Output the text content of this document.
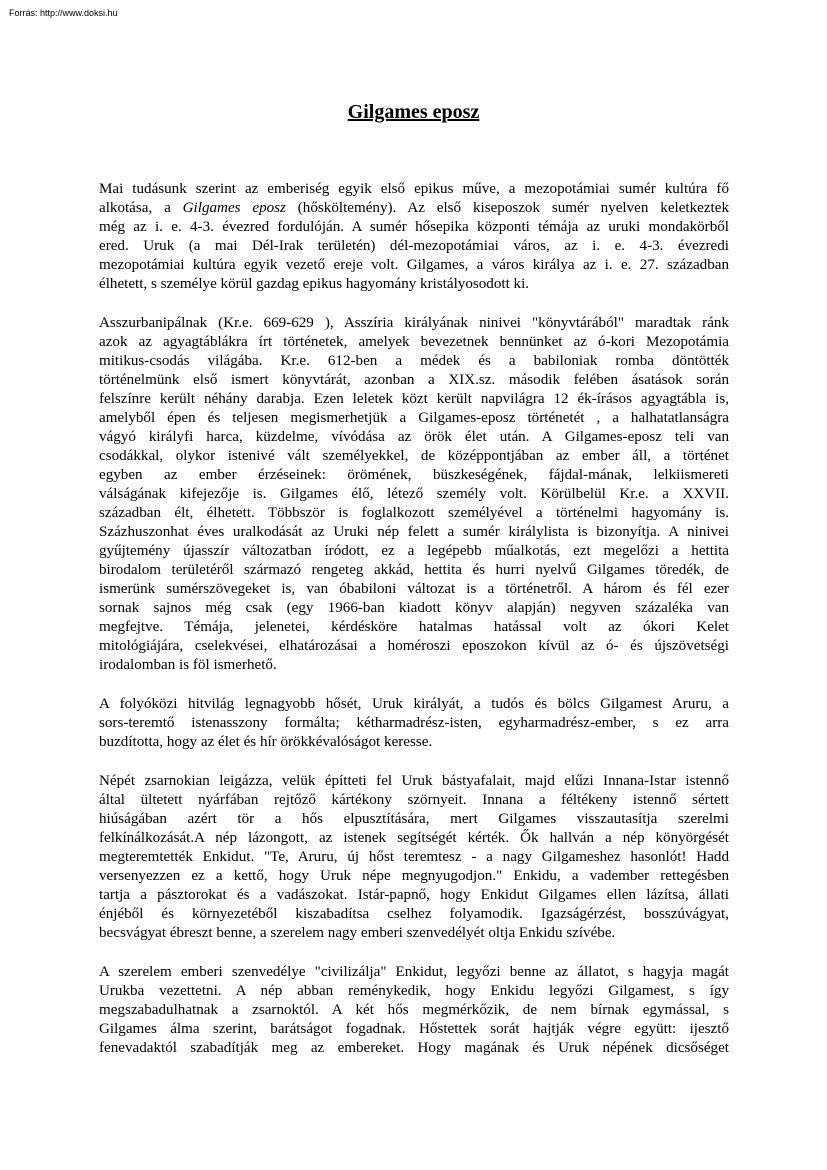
Forrás: http://www.doksi.hu
Gilgames eposz

Mai tudásunk szerint az emberiség egyik első epikus műve, a mezopotámiai sumér kultúra fő
alkotása, a Gilgames eposz (hősköltemény). Az első kiseposzok sumér nyelven keletkeztek
még az i. e. 4-3. évezred fordulóján. A sumér hősepika központi témája az uruki mondakörből
ered. Uruk (a mai Dél-Irak területén) dél-mezopotámiai város, az i. e. 4-3. évezredi
mezopotámiai kultúra egyik vezető ereje volt. Gilgames, a város királya az i. e. 27. században
élhetett, s személye körül gazdag epikus hagyomány kristályosodott ki.

Asszurbanipálnak (Kr.e. 669-629 ), Asszíria királyának ninivei "könyvtárából" maradtak ránk
azok az agyagtáblákra írt történetek, amelyek bevezetnek bennünket az ó-kori Mezopotámia
mitikus-csodás világába. Kr.e. 612-ben a médek és a babiloniak romba döntötték
történelmünk első ismert könyvtárát, azonban a XIX.sz. második felében ásatások során
felszínre került néhány darabja. Ezen leletek közt került napvilágra 12 ék-írásos agyagtábla is,
amelyből épen és teljesen megismerhetjük a Gilgames-eposz történetét , a halhatatlanságra
vágyó királyfi harca, küzdelme, vívódása az örök élet után. A Gilgames-eposz teli van
csodákkal, olykor istenivé vált személyekkel, de középpontjában az ember áll, a történet
egyben az ember érzéseinek: örömének, büszkeségének, fájdal-mának, lelkiismereti
válságának kifejezője is. Gilgames élő, létező személy volt. Körülbelül Kr.e. a XXVII.
században élt, élhetett. Többször is foglalkozott személyével a történelmi hagyomány is.
Százhuszonhat éves uralkodását az Uruki nép felett a sumér királylista is bizonyítja. A ninivei
gyűjtemény újasszír változatban íródott, ez a legépebb műalkotás, ezt megelőzi a hettita
birodalom területéről származó rengeteg akkád, hettita és hurri nyelvű Gilgames töredék, de
ismerünk sumérszövegeket is, van óbabiloni változat is a történetről. A három és fél ezer
sornak sajnos még csak (egy 1966-ban kiadott könyv alapján) negyven százaléka van
megfejtve. Témája, jelenetei, kérdésköre hatalmas hatással volt az ókori Kelet
mitológiájára, cselekvései, elhatározásai a homéroszi eposzokon kívül az ó- és újszövetségi
irodalomban is föl ismerhető.

A folyóközi hitvilág legnagyobb hősét, Uruk királyát, a tudós és bölcs Gilgamest Aruru, a
sors-teremtő istenasszony formálta; kétharmadrész-isten, egyharmadrész-ember, s ez arra
buzdította, hogy az élet és hír örökkévalóságot keresse.

Népét zsarnokian leigázza, velük építteti fel Uruk bástyafalait, majd elűzi Innana-Istar istennő
által ültetett nyárfában rejtőző kártékony szörnyeit. Innana a féltékeny istennő sértett
hiúságában azért tör a hős elpusztítására, mert Gilgames visszautasítja szerelmi
felkínálkozását.A nép lázongott, az istenek segítségét kérték. Ők hallván a nép könyörgését
megteremtették Enkidut. "Te, Aruru, új hőst teremtesz - a nagy Gilgameshez hasonlót! Hadd
versenyezzen ez a kettő, hogy Uruk népe megnyugodjon." Enkidu, a vadember rettegésben
tartja a pásztorokat és a vadászokat. Istár-papnő, hogy Enkidut Gilgames ellen lázítsa, állati
énjéből és környezetéből kiszabadítsa cselhez folyamodik. Igazságérzést, bosszúvágyat,
becsvágyat ébreszt benne, a szerelem nagy emberi szenvedélyét oltja Enkidu szívébe.

A szerelem emberi szenvedélye "civilizálja" Enkidut, legyőzi benne az állatot, s hagyja magát
Urukba vezettetni. A nép abban reménykedik, hogy Enkidu legyőzi Gilgamest, s így
megszabadulhatnak a zsarnoktól. A két hős megmérkőzik, de nem bírnak egymással, s
Gilgames álma szerint, barátságot fogadnak. Hőstettek sorát hajtják végre együtt: ijesztő
fenevadaktól szabadítják meg az embereket. Hogy magának és Uruk népének dicsőséget
